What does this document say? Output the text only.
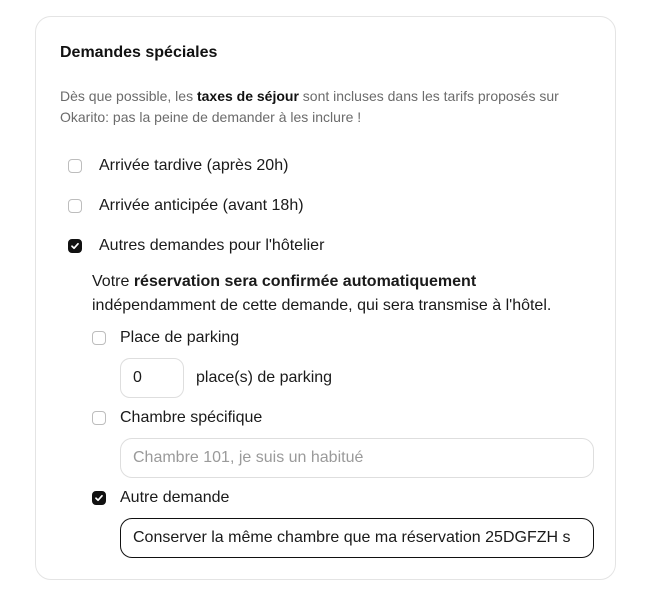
Demandes spéciales

Dès que possible, les taxes de séjour sont incluses dans les tarifs proposés sur Okarito: pas la peine de demander à les inclure !

Arrivée tardive (après 20h)
Arrivée anticipée (avant 18h)
Autres demandes pour l'hôtelier

Votre réservation sera confirmée automatiquement indépendamment de cette demande, qui sera transmise à l'hôtel.

Place de parking
0
place(s) de parking
Chambre spécifique
Chambre 101, je suis un habitué
Autre demande
Conserver la même chambre que ma réservation 25DGFZH s
